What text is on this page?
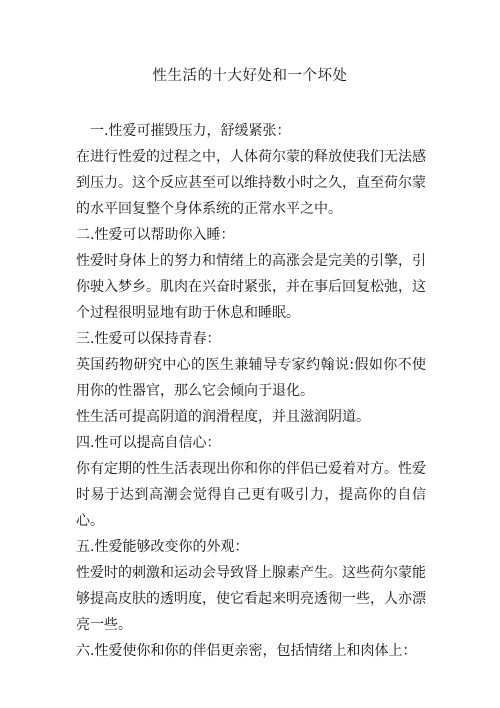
性生活的十大好处和一个坏处

一.性爱可摧毁压力，舒缓紧张：

在进行性爱的过程之中，人体荷尔蒙的释放使我们无法感到压力。这个反应甚至可以维持数小时之久，直至荷尔蒙的水平回复整个身体系统的正常水平之中。

二.性爱可以帮助你入睡：

性爱时身体上的努力和情绪上的高涨会是完美的引擎，引你驶入梦乡。肌肉在兴奋时紧张，并在事后回复松弛，这个过程很明显地有助于休息和睡眠。

三.性爱可以保持青春：

英国药物研究中心的医生兼辅导专家约翰说:假如你不使用你的性器官，那么它会倾向于退化。

性生活可提高阴道的润滑程度，并且滋润阴道。

四.性可以提高自信心：

你有定期的性生活表现出你和你的伴侣已爱着对方。性爱时易于达到高潮会觉得自己更有吸引力，提高你的自信心。

五.性爱能够改变你的外观：

性爱时的刺激和运动会导致肾上腺素产生。这些荷尔蒙能够提高皮肤的透明度，使它看起来明亮透彻一些，人亦漂亮一些。

六.性爱使你和你的伴侣更亲密，包括情绪上和肉体上：
